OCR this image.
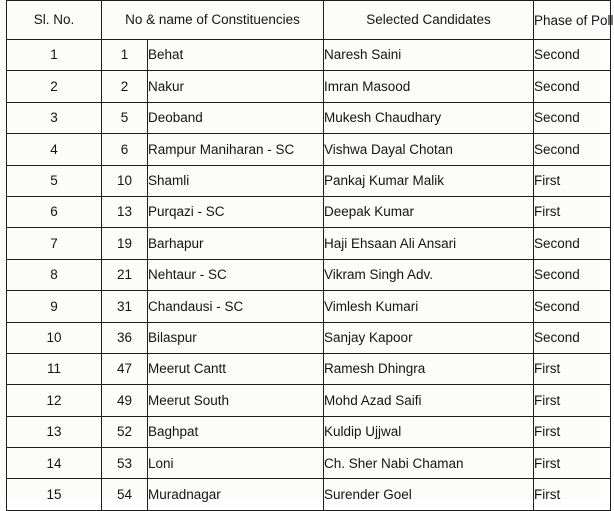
Sl. No.	No & name of Constituencies		Selected Candidates	Phase of Poll
1	1	Behat	Naresh Saini	Second
2	2	Nakur	Imran Masood	Second
3	5	Deoband	Mukesh Chaudhary	Second
4	6	Rampur Maniharan - SC	Vishwa Dayal Chotan	Second
5	10	Shamli	Pankaj Kumar Malik	First
6	13	Purqazi - SC	Deepak Kumar	First
7	19	Barhapur	Haji Ehsaan Ali Ansari	Second
8	21	Nehtaur - SC	Vikram Singh Adv.	Second
9	31	Chandausi - SC	Vimlesh Kumari	Second
10	36	Bilaspur	Sanjay Kapoor	Second
11	47	Meerut Cantt	Ramesh Dhingra	First
12	49	Meerut South	Mohd Azad Saifi	First
13	52	Baghpat	Kuldip Ujjwal	First
14	53	Loni	Ch. Sher Nabi Chaman	First
15	54	Muradnagar	Surender Goel	First
